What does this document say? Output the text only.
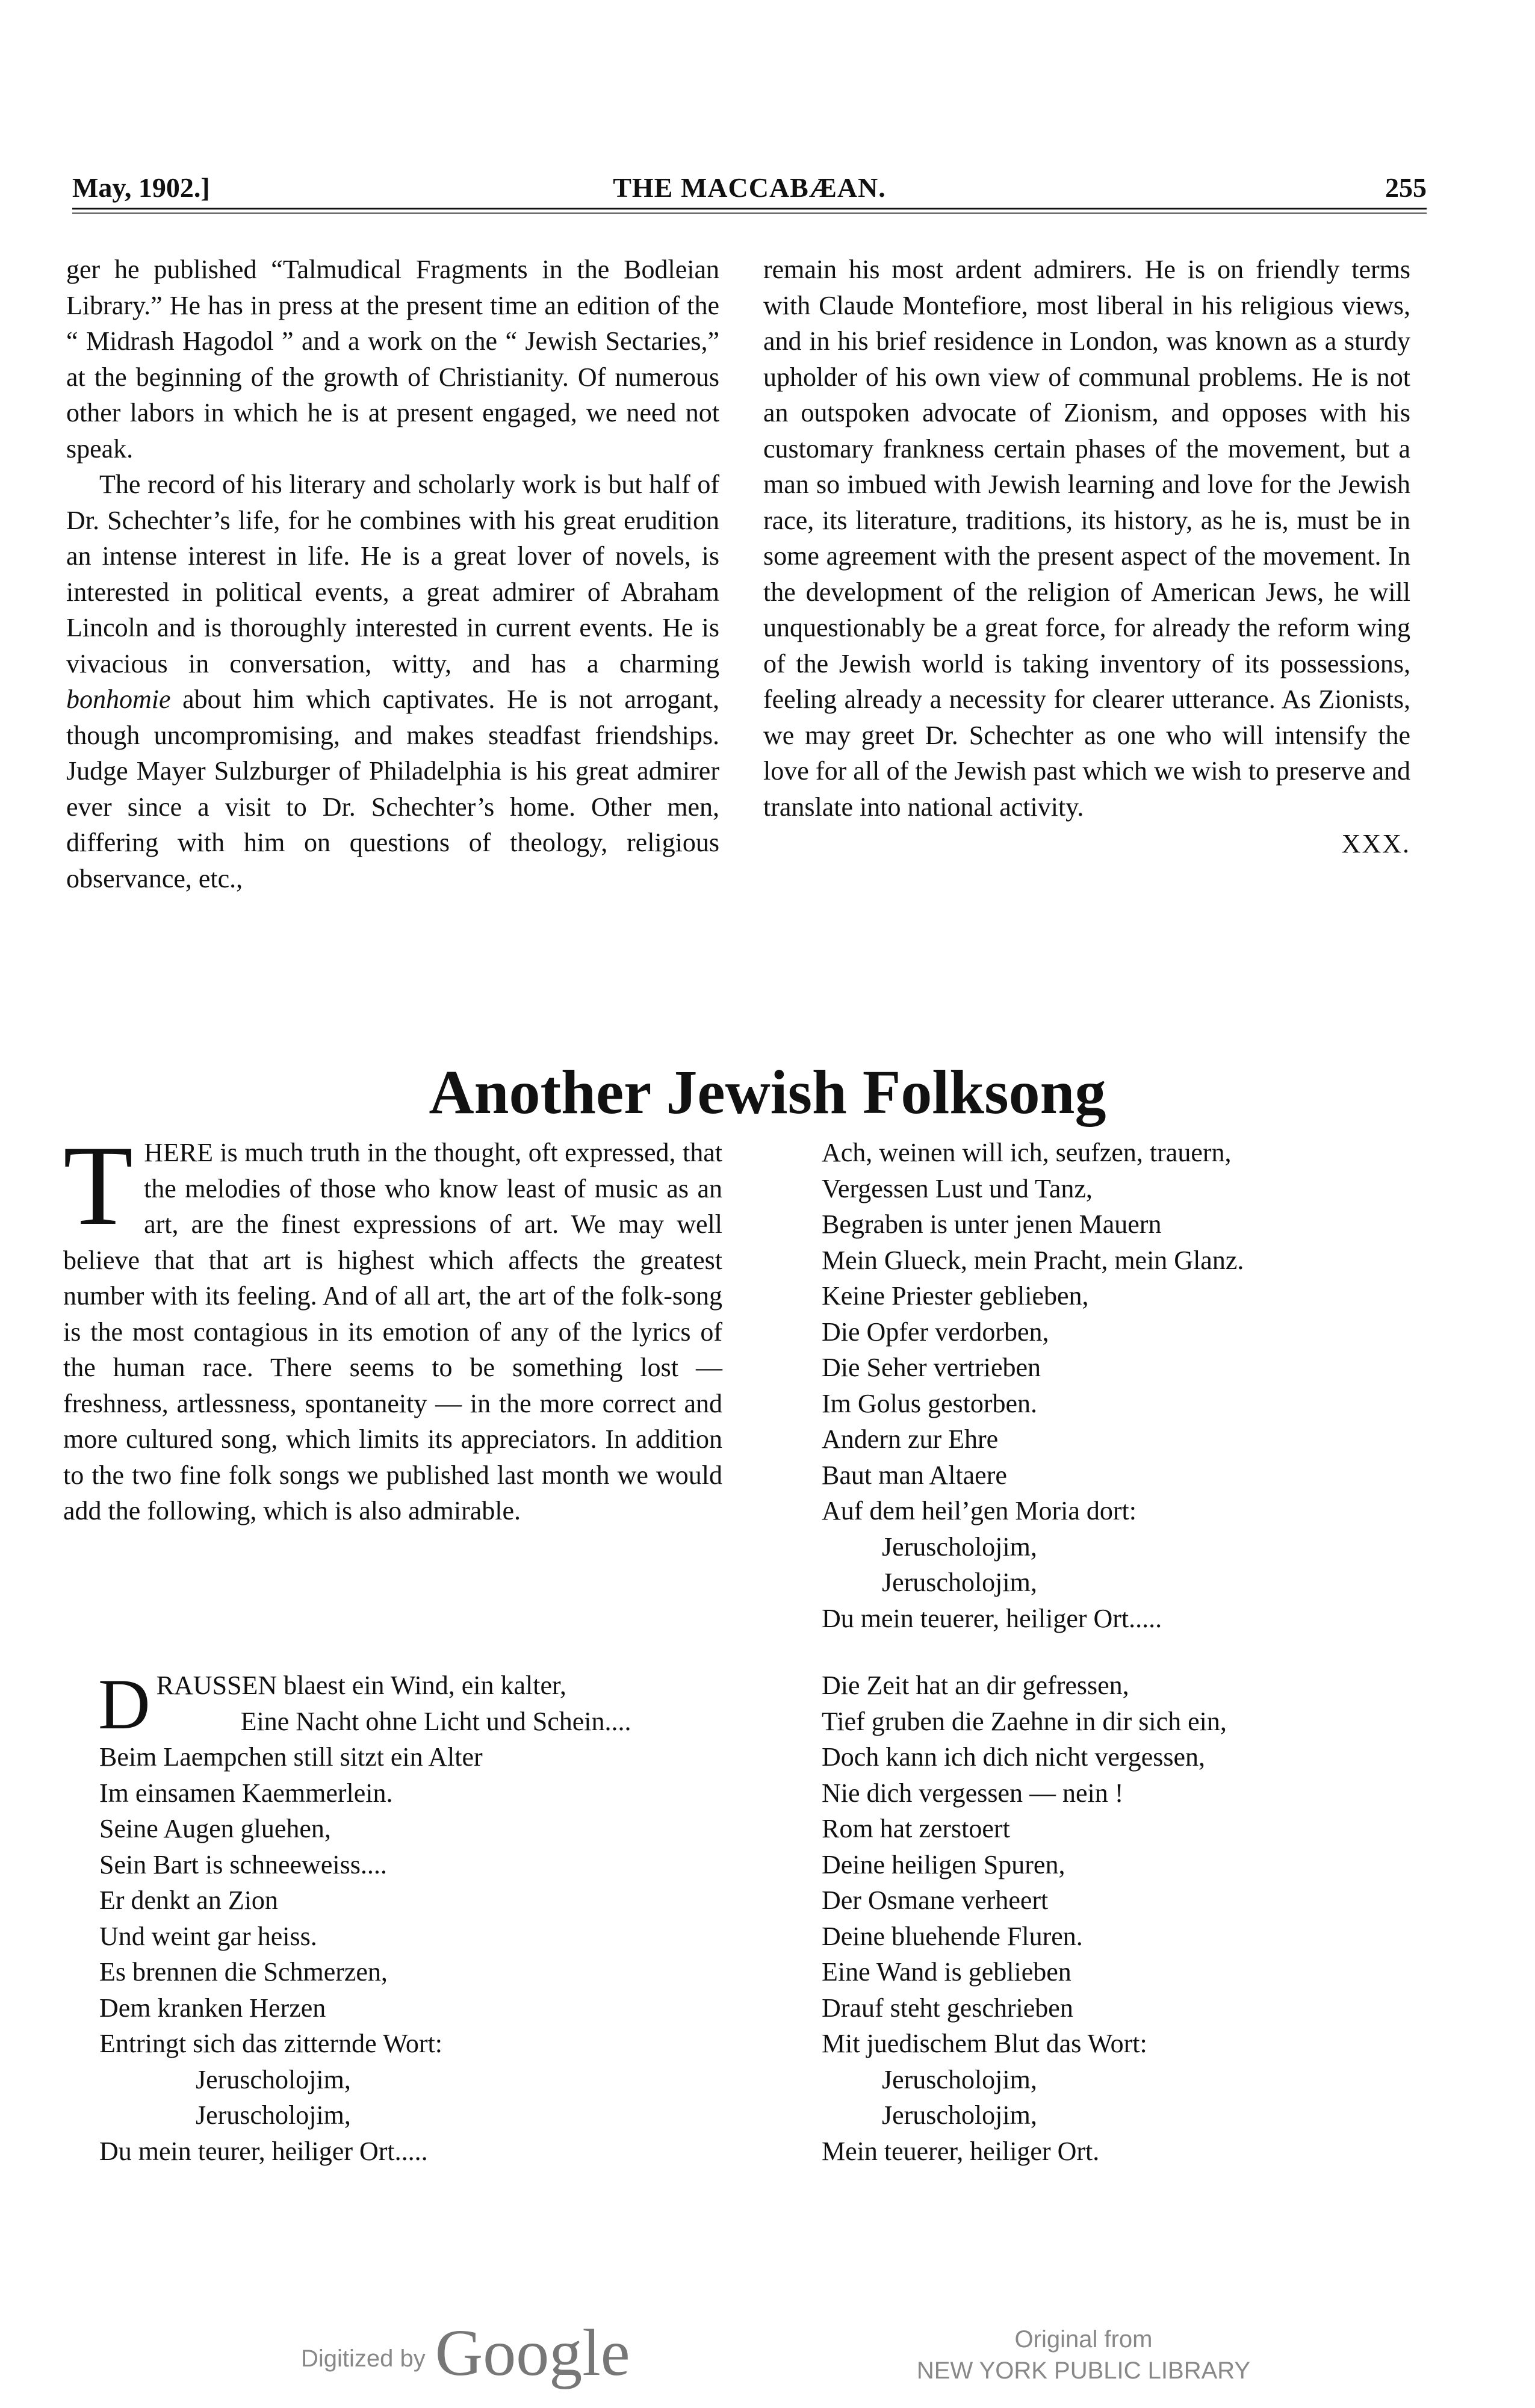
May, 1902.]	THE MACCABÆAN.	255

ger he published “Talmudical Fragments in the Bodleian Library.” He has in press at the present time an edition of the “ Midrash Hagodol ” and a work on the “ Jewish Sectaries,” at the beginning of the growth of Christianity. Of numerous other labors in which he is at present engaged, we need not speak.

The record of his literary and scholarly work is but half of Dr. Schechter’s life, for he combines with his great erudition an intense interest in life. He is a great lover of novels, is interested in political events, a great admirer of Abraham Lincoln and is thoroughly interested in current events. He is vivacious in conversation, witty, and has a charming bonhomie about him which captivates. He is not arrogant, though uncompromising, and makes steadfast friendships. Judge Mayer Sulzburger of Philadelphia is his great admirer ever since a visit to Dr. Schechter’s home. Other men, differing with him on questions of theology, religious observance, etc.,

remain his most ardent admirers. He is on friendly terms with Claude Montefiore, most liberal in his religious views, and in his brief residence in London, was known as a sturdy upholder of his own view of communal problems. He is not an outspoken advocate of Zionism, and opposes with his customary frankness certain phases of the movement, but a man so imbued with Jewish learning and love for the Jewish race, its literature, traditions, its history, as he is, must be in some agreement with the present aspect of the movement. In the development of the religion of American Jews, he will unquestionably be a great force, for already the reform wing of the Jewish world is taking inventory of its possessions, feeling already a necessity for clearer utterance. As Zionists, we may greet Dr. Schechter as one who will intensify the love for all of the Jewish past which we wish to preserve and translate into national activity.

XXX.
Another Jewish Folksong

THERE is much truth in the thought, oft expressed, that the melodies of those who know least of music as an art, are the finest expressions of art. We may well believe that that art is highest which affects the greatest number with its feeling. And of all art, the art of the folk-song is the most contagious in its emotion of any of the lyrics of the human race. There seems to be something lost — freshness, artlessness, spontaneity — in the more correct and more cultured song, which limits its appreciators. In addition to the two fine folk songs we published last month we would add the following, which is also admirable.

Ach, weinen will ich, seufzen, trauern,
Vergessen Lust und Tanz,
Begraben is unter jenen Mauern
Mein Glueck, mein Pracht, mein Glanz.
Keine Priester geblieben,
Die Opfer verdorben,
Die Seher vertrieben
Im Golus gestorben.
Andern zur Ehre
Baut man Altaere
Auf dem heil’gen Moria dort:
Jeruscholojim,
Jeruscholojim,
Du mein teuerer, heiliger Ort.....
DRAUSSEN blaest ein Wind, ein kalter,
Eine Nacht ohne Licht und Schein....
Beim Laempchen still sitzt ein Alter
Im einsamen Kaemmerlein.
Seine Augen gluehen,
Sein Bart is schneeweiss....
Er denkt an Zion
Und weint gar heiss.
Es brennen die Schmerzen,
Dem kranken Herzen
Entringt sich das zitternde Wort:
Jeruscholojim,
Jeruscholojim,
Du mein teurer, heiliger Ort.....
Die Zeit hat an dir gefressen,
Tief gruben die Zaehne in dir sich ein,
Doch kann ich dich nicht vergessen,
Nie dich vergessen — nein !
Rom hat zerstoert
Deine heiligen Spuren,
Der Osmane verheert
Deine bluehende Fluren.
Eine Wand is geblieben
Drauf steht geschrieben
Mit juedischem Blut das Wort:
Jeruscholojim,
Jeruscholojim,
Mein teuerer, heiliger Ort.
Digitized by Google	Original from
NEW YORK PUBLIC LIBRARY
